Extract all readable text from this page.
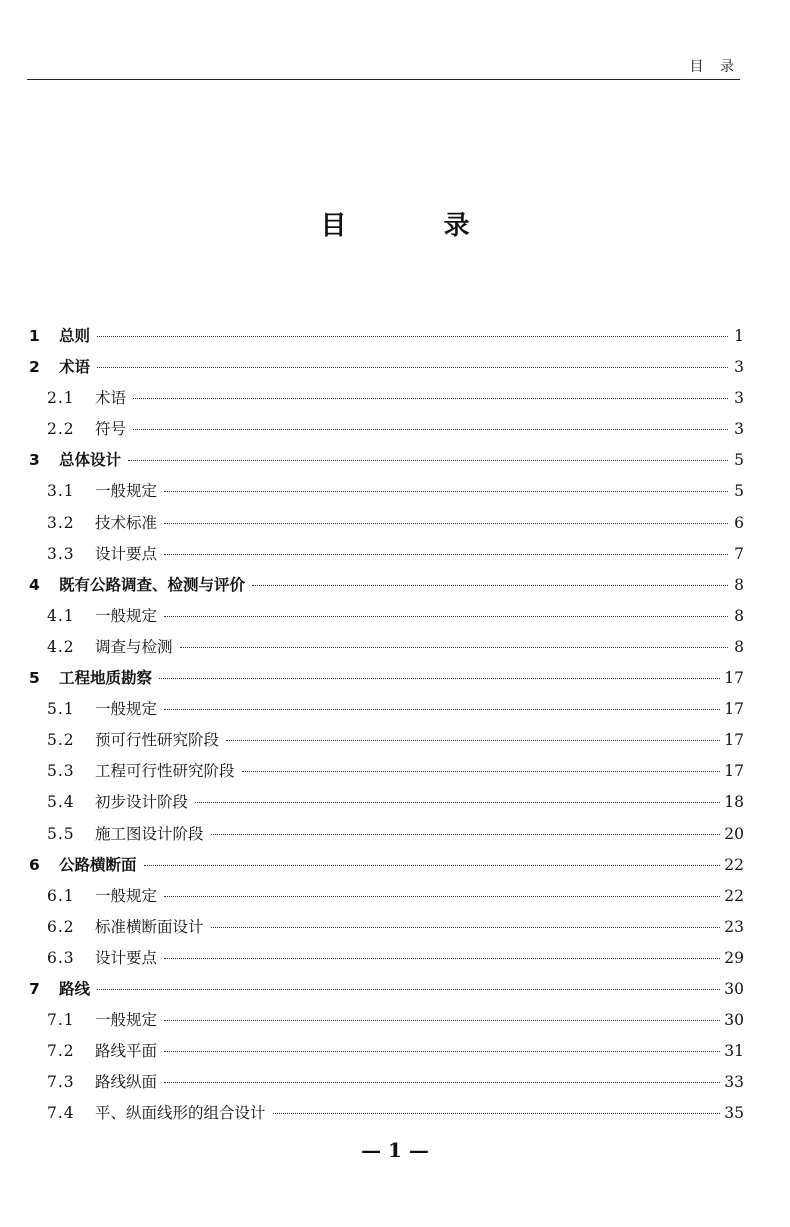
目 录
目 录
1	总则	1
2	术语	3
2.1	术语	3
2.2	符号	3
3	总体设计	5
3.1	一般规定	5
3.2	技术标准	6
3.3	设计要点	7
4	既有公路调查、检测与评价	8
4.1	一般规定	8
4.2	调查与检测	8
5	工程地质勘察	17
5.1	一般规定	17
5.2	预可行性研究阶段	17
5.3	工程可行性研究阶段	17
5.4	初步设计阶段	18
5.5	施工图设计阶段	20
6	公路横断面	22
6.1	一般规定	22
6.2	标准横断面设计	23
6.3	设计要点	29
7	路线	30
7.1	一般规定	30
7.2	路线平面	31
7.3	路线纵面	33
7.4	平、纵面线形的组合设计	35
— 1 —
